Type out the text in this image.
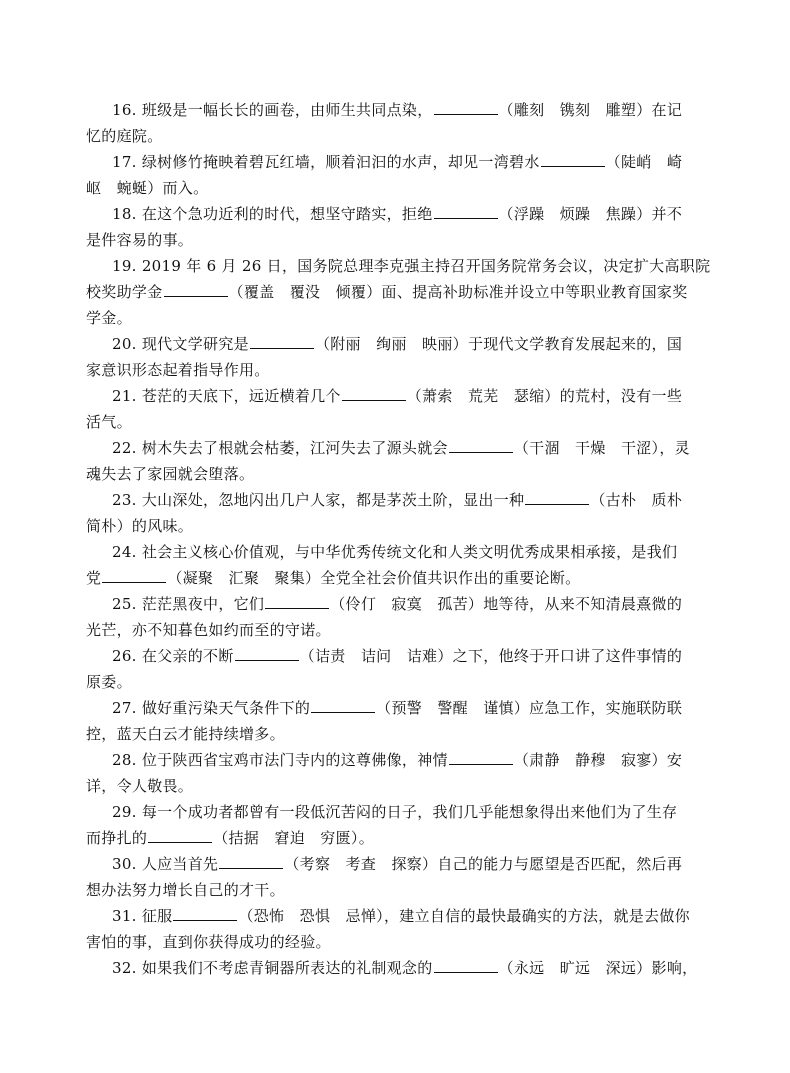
16. 班级是一幅长长的画卷，由师生共同点染，	（雕刻　镌刻　雕塑）在记
忆的庭院。
17. 绿树修竹掩映着碧瓦红墙，顺着汩汩的水声，却见一湾碧水	（陡峭　崎
岖　蜿蜒）而入。
18. 在这个急功近利的时代，想坚守踏实，拒绝	（浮躁　烦躁　焦躁）并不
是件容易的事。
19. 2019 年 6 月 26 日，国务院总理李克强主持召开国务院常务会议，决定扩大高职院
校奖助学金	（覆盖　覆没　倾覆）面、提高补助标准并设立中等职业教育国家奖
学金。
20. 现代文学研究是	（附丽　绚丽　映丽）于现代文学教育发展起来的，国
家意识形态起着指导作用。
21. 苍茫的天底下，远近横着几个	（萧索　荒芜　瑟缩）的荒村，没有一些
活气。
22. 树木失去了根就会枯萎，江河失去了源头就会	（干涸　干燥　干涩），灵
魂失去了家园就会堕落。
23. 大山深处，忽地闪出几户人家，都是茅茨土阶，显出一种	（古朴　质朴
简朴）的风味。
24. 社会主义核心价值观，与中华优秀传统文化和人类文明优秀成果相承接，是我们
党	（凝聚　汇聚　聚集）全党全社会价值共识作出的重要论断。
25. 茫茫黑夜中，它们	（伶仃　寂寞　孤苦）地等待，从来不知清晨熹微的
光芒，亦不知暮色如约而至的守诺。
26. 在父亲的不断	（诘责　诘问　诘难）之下，他终于开口讲了这件事情的
原委。
27. 做好重污染天气条件下的	（预警　警醒　谨慎）应急工作，实施联防联
控，蓝天白云才能持续增多。
28. 位于陕西省宝鸡市法门寺内的这尊佛像，神情	（肃静　静穆　寂寥）安
详，令人敬畏。
29. 每一个成功者都曾有一段低沉苦闷的日子，我们几乎能想象得出来他们为了生存
而挣扎的	（拮据　窘迫　穷匮）。
30. 人应当首先	（考察　考查　探察）自己的能力与愿望是否匹配，然后再
想办法努力增长自己的才干。
31. 征服	（恐怖　恐惧　忌惮），建立自信的最快最确实的方法，就是去做你
害怕的事，直到你获得成功的经验。
32. 如果我们不考虑青铜器所表达的礼制观念的	（永远　旷远　深远）影响，
